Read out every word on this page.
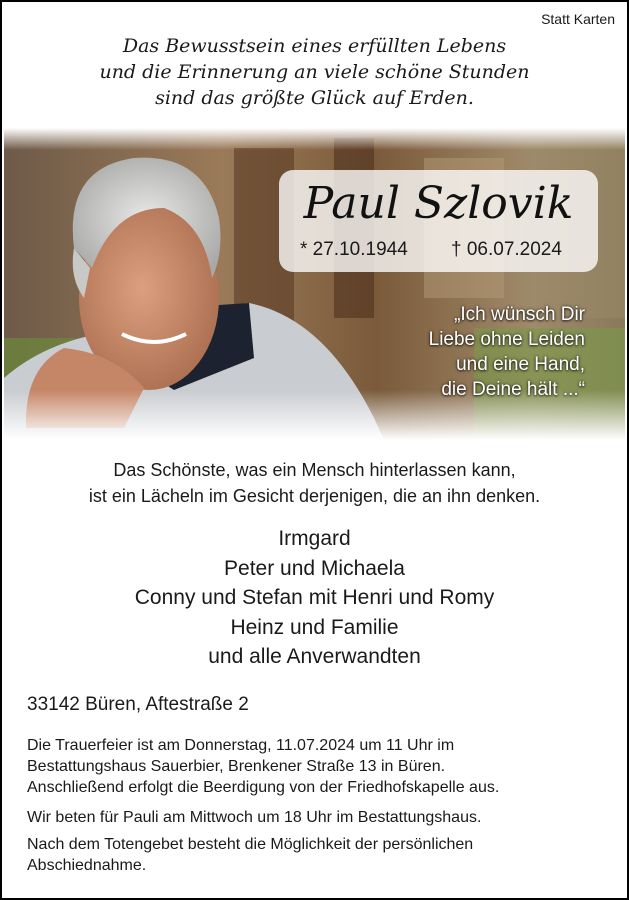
Statt Karten
Das Bewusstsein eines erfüllten Lebens
und die Erinnerung an viele schöne Stunden
sind das größte Glück auf Erden.
Paul Szlovik
* 27.10.1944 † 06.07.2024
„Ich wünsch Dir
Liebe ohne Leiden
und eine Hand,
die Deine hält ...“
Das Schönste, was ein Mensch hinterlassen kann,
ist ein Lächeln im Gesicht derjenigen, die an ihn denken.
Irmgard
Peter und Michaela
Conny und Stefan mit Henri und Romy
Heinz und Familie
und alle Anverwandten
33142 Büren, Aftestraße 2
Die Trauerfeier ist am Donnerstag, 11.07.2024 um 11 Uhr im
Bestattungshaus Sauerbier, Brenkener Straße 13 in Büren.
Anschließend erfolgt die Beerdigung von der Friedhofskapelle aus.
Wir beten für Pauli am Mittwoch um 18 Uhr im Bestattungshaus.
Nach dem Totengebet besteht die Möglichkeit der persönlichen
Abschiednahme.
